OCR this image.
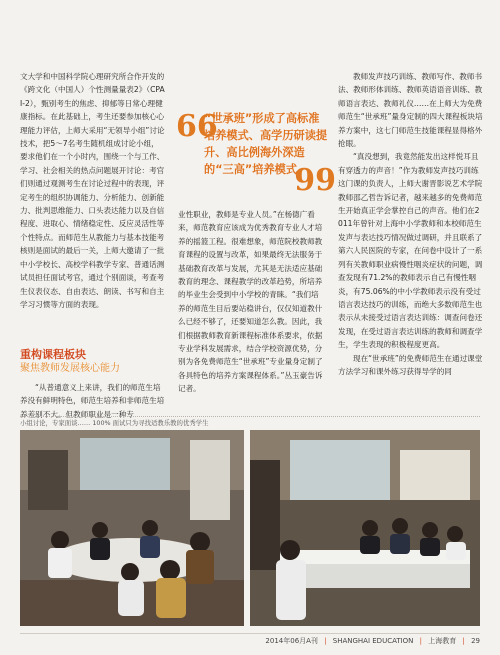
文大学和中国科学院心理研究所合作开发的《跨文化（中国人）个性测量量表2》（CPAI-2），甄别考生的焦虑、抑郁等日常心理健康指标。在此基础上，考生还要参加核心心理能力评估，上师大采用“无领导小组”讨论技术，把5～7名考生随机组成讨论小组，要求他们在一个小时内，围绕一个与工作、学习、社会相关的热点问题展开讨论：考官们则通过观测考生在讨论过程中的表现，评定考生的组织协调能力、分析能力、创新能力、批判思维能力、口头表达能力以及自信程度、进取心、情绪稳定性、反应灵活性等个性特点。而师范生从教能力与基本技能考核则是面试的最后一关，上师大邀请了一批中小学校长、高校学科教学专家、普通话测试员担任面试考官，通过个别面谈，考查考生仪表仪态、自由表达、朗读、书写和自主学习习惯等方面的表现。

重构课程板块

聚焦教师发展核心能力

“从普通意义上来讲，我们的师范生培养没有鲜明特色，师范生培养和非师范生培养差别不大。但教师职业是一种专

66

“世承班”形成了高标准培养模式、高学历研读提升、高比例海外深造的“三高”培养模式。

99

业性职业，教师是专业人员。”在杨德广看来，师范教育应该成为优秀教育专业人才培养的摇篮工程。很难想象，师范院校教师教育课程的设置与改革，如果最终无法服务于基础教育改革与发展，尤其是无法适应基础教育的理念、课程教学的改革趋势，所培养的毕业生会受到中小学校的青睐。“我们培养的师范生目后要站稳讲台，仅仅知道教什么已经不够了，还要知道怎么教。因此，我们根据教师教育新课程标准体系要求，依据专业学科发展需求，结合学校资源优势，分别为各免费师范生“世承班”专业量身定制了各具特色的培养方案课程体系。”丛玉豪告诉记者。

教师发声技巧训练、教师写作、教师书法、教师形体训练、教师英语语音训练、教师语言表达、教师礼仪……在上师大为免费师范生“世承班”量身定制的四大课程板块培养方案中，这七门师范生技能课程显得格外抢眼。

“真没想到，我竟然能发出这样悦耳且有穿透力的声音！”作为教师发声技巧训练这门课的负责人，上师大谢晋影说艺术学院教师邵乙哲告诉记者，越来越多的免费师范生开始真正学会掌控自己的声音。他们在2011年曾针对上海中小学教师和本校师范生发声与表达技巧情况做过调研，并且联系了第六人民医院的专家，在问卷中设计了一系列有关教师职业病慢性咽炎症状的问题，调查发现有71.2%的教师表示自己有慢性咽炎，有75.06%的中小学教师表示没有受过语言表达技巧的训练，而绝大多数师范生也表示从未接受过语言表达训练：调查问卷还发现，在受过语言表达训练的教师和调查学生，学生表现的积极程度更高。

现在“世承班”的免费师范生在通过课堂方法学习和课外练习获得导学的同

小组讨论，专家面谈…… 100% 面试只为寻找适教乐教的优秀学生
2014年06月A刊 | SHANGHAI EDUCATION | 上海教育 | 29
